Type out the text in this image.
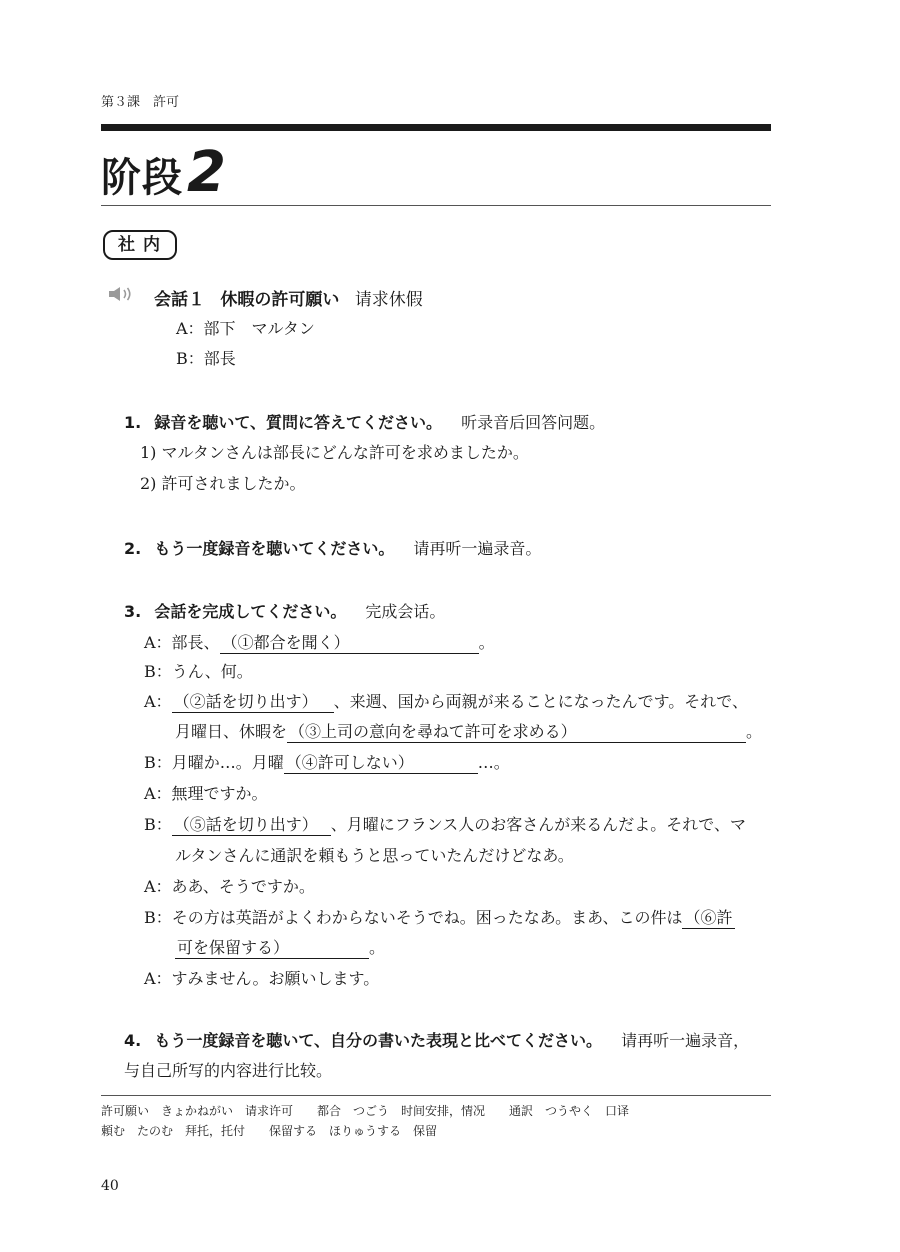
第３課　許可
阶段2
社内
会話１ 休暇の許可願い 请求休假
A：部下　マルタン
B：部長
1. 録音を聴いて、質問に答えてください。 听录音后回答问题。
1) マルタンさんは部長にどんな許可を求めましたか。
2) 許可されましたか。
2. もう一度録音を聴いてください。 请再听一遍录音。
3. 会話を完成してください。 完成会话。
A：部長、 （①都合を聞く）	。
B：うん、何。
A： （②話を切り出す） 、来週、国から両親が来ることになったんです。それで、
月曜日、休暇を （③上司の意向を尋ねて許可を求める）	。
B：月曜か…。月曜 （④許可しない）	…。
A：無理ですか。
B： （⑤話を切り出す） 、月曜にフランス人のお客さんが来るんだよ。それで、マ
ルタンさんに通訳を頼もうと思っていたんだけどなあ。
A：ああ、そうですか。
B：その方は英語がよくわからないそうでね。困ったなあ。まあ、この件は （⑥許
可を保留する）	。
A：すみません。お願いします。
4. もう一度録音を聴いて、自分の書いた表現と比べてください。 请再听一遍录音，
与自己所写的内容进行比较。
許可願い　きょかねがい　请求许可　　都合　つごう　时间安排，情况　　通訳　つうやく　口译
頼む　たのむ　拜托，托付　　保留する　ほりゅうする　保留
40
